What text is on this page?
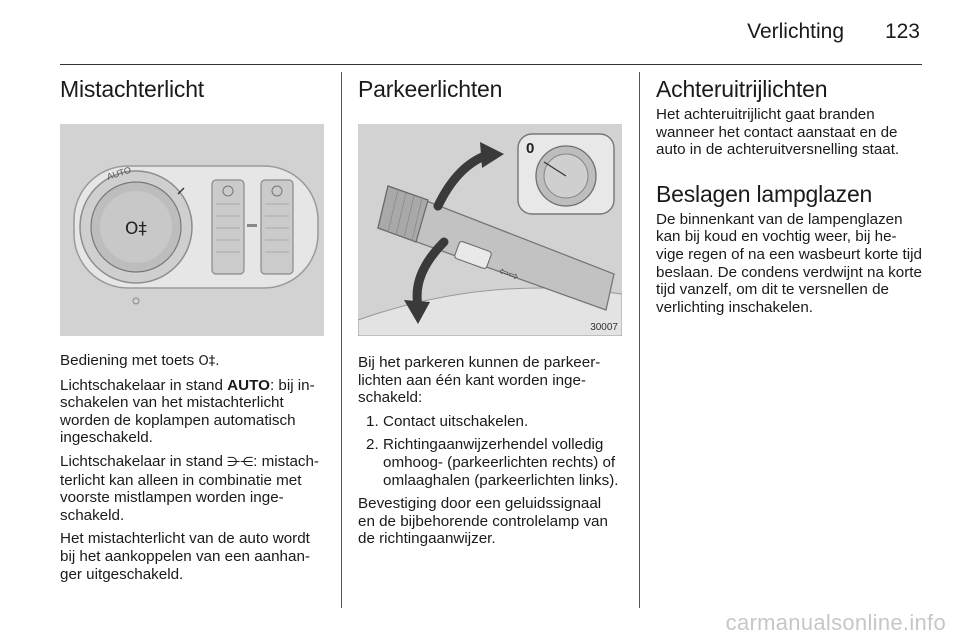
Verlichting 123
Mistachterlicht
O‡
AUTO

Bediening met toets O‡.

Lichtschakelaar in stand AUTO: bij in-schakelen van het mistachterlicht worden de koplampen automatisch ingeschakeld.

Lichtschakelaar in stand ⋺⋲: mistach-terlicht kan alleen in combinatie met voorste mistlampen worden inge-schakeld.

Het mistachterlicht van de auto wordt bij het aankoppelen van een aanhan-ger uitgeschakeld.

Parkeerlichten
⇦⇨
0
30007

Bij het parkeren kunnen de parkeer-lichten aan één kant worden inge-schakeld:

1. Contact uitschakelen.
2. Richtingaanwijzerhendel volledig omhoog- (parkeerlichten rechts) of omlaaghalen (parkeerlichten links).

Bevestiging door een geluidssignaal en de bijbehorende controlelamp van de richtingaanwijzer.

Achteruitrijlichten

Het achteruitrijlicht gaat branden wanneer het contact aanstaat en de auto in de achteruitversnelling staat.

Beslagen lampglazen

De binnenkant van de lampenglazen kan bij koud en vochtig weer, bij he-vige regen of na een wasbeurt korte tijd beslaan. De condens verdwijnt na korte tijd vanzelf, om dit te versnellen de verlichting inschakelen.

carmanualsonline.info
